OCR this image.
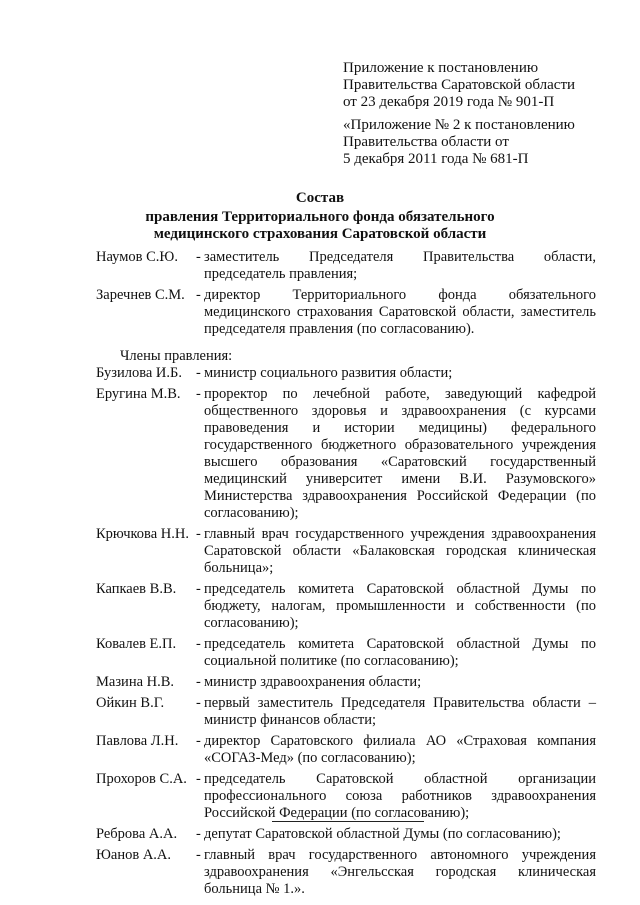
Приложение к постановлению
Правительства Саратовской области
от 23 декабря 2019 года № 901-П

«Приложение № 2 к постановлению
Правительства области от
5 декабря 2011 года № 681-П

Состав
правления Территориального фонда обязательного
медицинского страхования Саратовской области
Наумов С.Ю.	- заместитель Председателя Правительства области, председатель правления;
Заречнев С.М. - директор Территориального фонда обязательного медицинского страхования Саратовской области, заместитель председателя правления (по согласованию).
Члены правления:
Бузилова И.Б. - министр социального развития области;
Еругина М.В.	- проректор по лечебной работе, заведующий кафедрой общественного здоровья и здравоохранения (с курсами правоведения и истории медицины) федерального государственного бюджетного образовательного учреждения высшего образования «Саратовский государственный медицинский университет имени В.И. Разумовского» Министерства здравоохранения Российской Федерации (по согласованию);
Крючкова Н.Н. - главный врач государственного учреждения здравоохранения Саратовской области «Балаковская городская клиническая больница»;
Капкаев В.В.	- председатель комитета Саратовской областной Думы по бюджету, налогам, промышленности и собственности (по согласованию);
Ковалев Е.П.	- председатель комитета Саратовской областной Думы по социальной политике (по согласованию);
Мазина Н.В.	- министр здравоохранения области;
Ойкин В.Г.	- первый заместитель Председателя Правительства области – министр финансов области;
Павлова Л.Н.	- директор Саратовского филиала АО «Страховая компания «СОГАЗ-Мед» (по согласованию);
Прохоров С.А. - председатель Саратовской областной организации профессионального союза работников здравоохранения Российской Федерации (по согласованию);
Реброва А.А.	- депутат Саратовской областной Думы (по согласованию);
Юанов А.А.	- главный врач государственного автономного учреждения здравоохранения «Энгельсская городская клиническая больница № 1.».
